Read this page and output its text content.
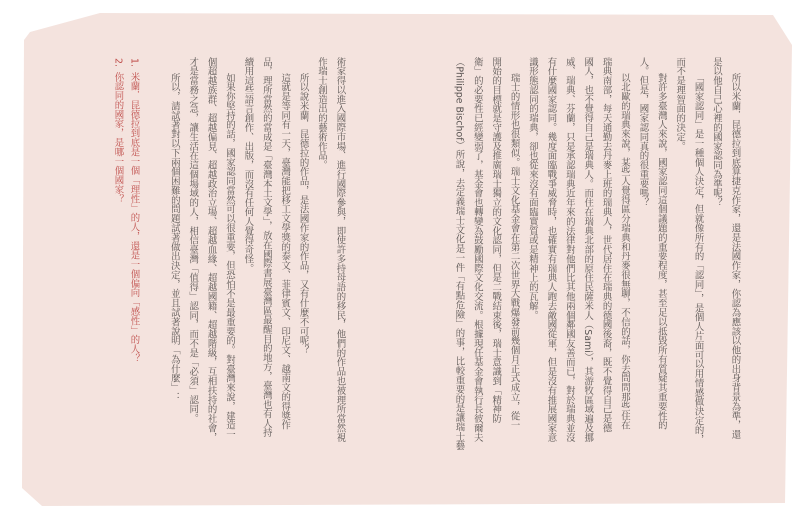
所以米蘭．昆德拉到底算捷克作家，還是法國作家，你認為應該以他的出身背景為準，還
是以他自己心裡的國家認同為準呢？
「國家認同」是一種個人決定，但就像所有的「認同」，是個人片面可以用情感做決定的，
而不是理智面的決定。
對許多臺灣人來說，國家認同這個議題的重要程度，甚至足以抵毀所有質疑其重要性的
人。但是，國家認同真的很重要嗎？
以北歐的瑞典來說，某些人覺得區分瑞典和丹麥很無聊，不信的話，你去問問那些住在
瑞典南部，每天通勤去丹麥上班的瑞典人，世代居住在瑞典的德國後裔，既不覺得自己是德
國人，也不覺得自己是瑞典人。而住在瑞典北部的原住民薩米人（Sami），其游牧區域遍及挪
威、瑞典、芬蘭，只是承認瑞典近年來的法律對他們比其他兩個鄰國友善而已，對於瑞典並沒
有什麼國家認同。幾度面臨戰爭威脅時，也確實有瑞典人跑去敵國從軍，但是沒有推展國家意
識形態認同的瑞典，卻也從來沒有面臨實質或是精神上的瓦解。
瑞士的情形也很類似。瑞士文化基金會在第二次世界大戰爆發前幾個月正式成立，從一
開始的目標就是守護及推廣瑞士獨立的文化認同，但是二戰結束後，瑞士意識到「精神防
衛」的必要性已經變弱了，基金會也轉變為鼓勵國際文化交流。根據現任基金會執行長彼爾夫
（Philippe Bischof）所說，去定義瑞士文化是一件「有點危險」的事，比較重要的是讓瑞士藝
術家得以進入國際市場、進行國際參與，即使許多持母語的移民，他們的作品也被理所當然視
作瑞士創造出的藝術作品。
所以說米蘭．昆德拉的作品，是法國作家的作品，又有什麼不可呢？
這就是等同有一天，臺灣能把移工文學獎的泰文、菲律賓文、印尼文、越南文的得獎作
品，理所當然的當成是「臺灣本土文學」，放在國際書展臺灣區最醒目的地方，臺灣也有人持
續用這些語言創作、出版，而沒有任何人覺得奇怪。
如果你堅持的話，國家認同當然可以很重要，但恐怕不是最重要的。對臺灣來說，建造一
個超越族群、超越偏見、超越政治立場、超越血緣、超越國籍、超越階級，互相扶持的社會，
才是當務之急，讓生活在這個場域的人，相信臺灣「值得」認同，而不是「必須」認同。
所以，請試著對以下兩個困難的問題試著做出決定，並且試著說明「為什麼」：
1.
米蘭．昆德拉到底是一個「理性」的人，還是一個偏向「感性」的人？
2.
你認同的國家，是哪一個國家？
